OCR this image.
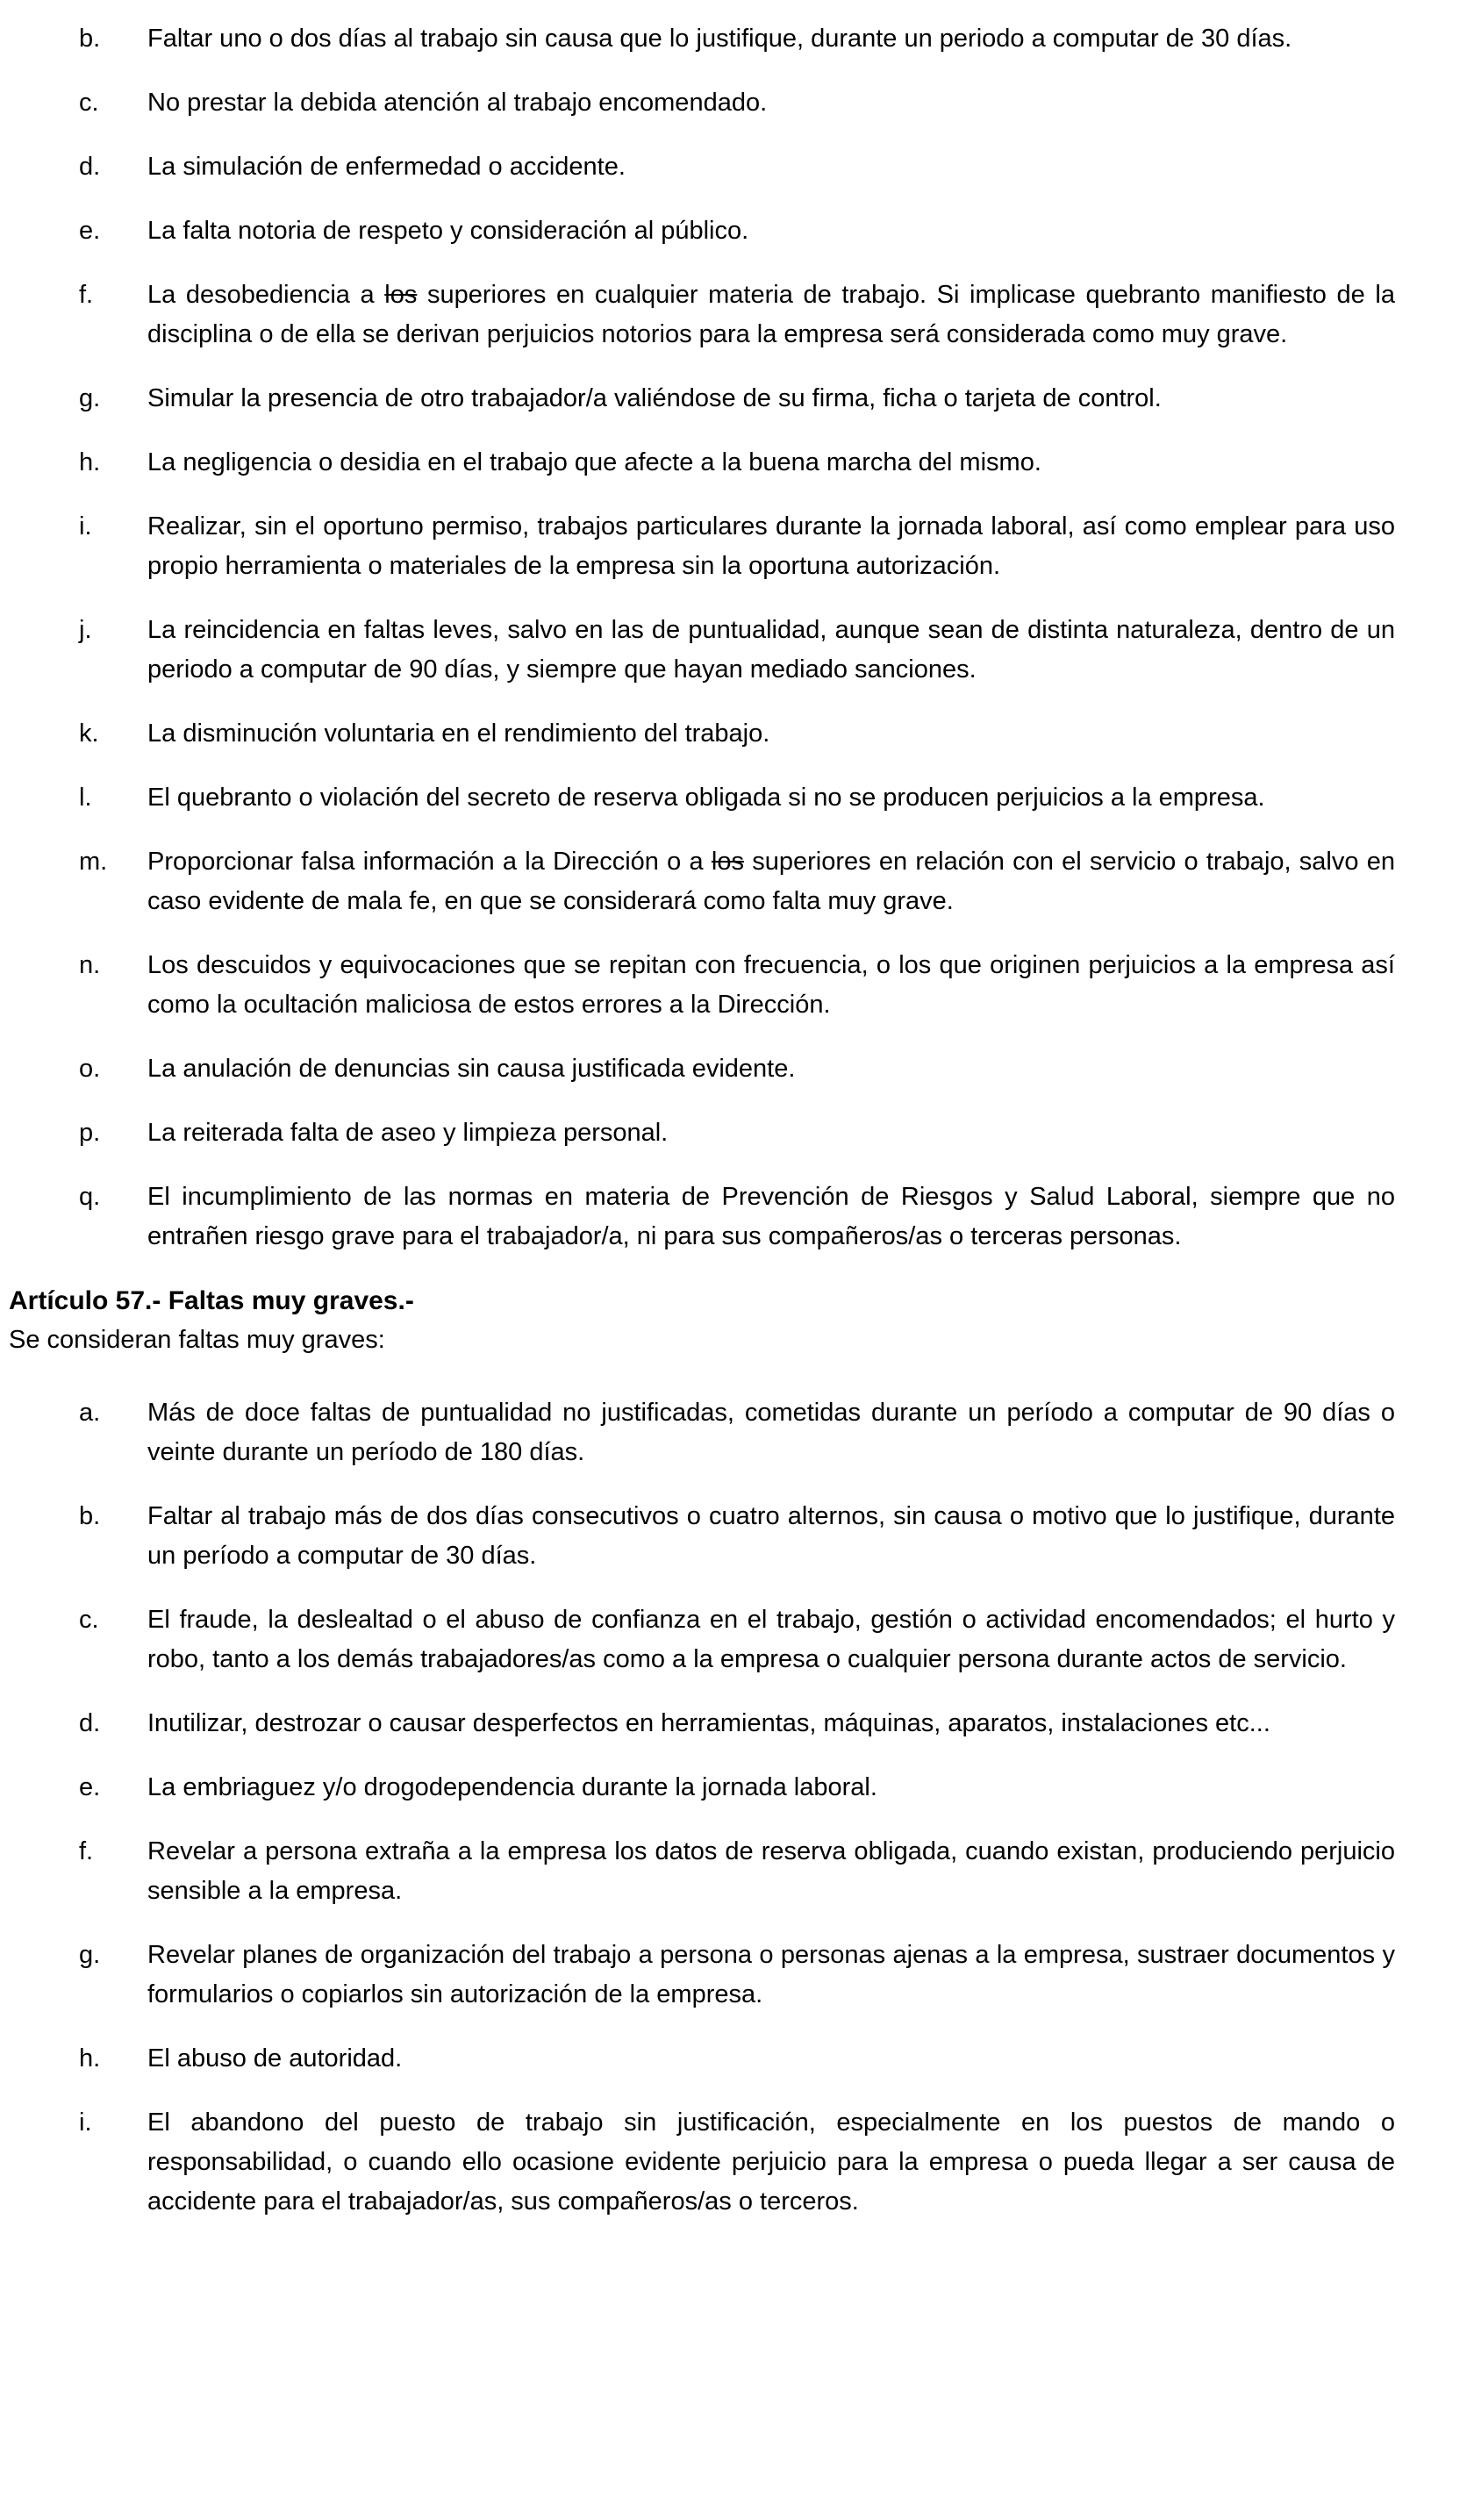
b.	Faltar uno o dos días al trabajo sin causa que lo justifique, durante un periodo a computar de 30 días.
c.	No prestar la debida atención al trabajo encomendado.
d.	La simulación de enfermedad o accidente.
e.	La falta notoria de respeto y consideración al público.
f.	La desobediencia a los superiores en cualquier materia de trabajo. Si implicase quebranto manifiesto de la disciplina o de ella se derivan perjuicios notorios para la empresa será considerada como muy grave.
g.	Simular la presencia de otro trabajador/a valiéndose de su firma, ficha o tarjeta de control.
h.	La negligencia o desidia en el trabajo que afecte a la buena marcha del mismo.
i.	Realizar, sin el oportuno permiso, trabajos particulares durante la jornada laboral, así como emplear para uso propio herramienta o materiales de la empresa sin la oportuna autorización.
j.	La reincidencia en faltas leves, salvo en las de puntualidad, aunque sean de distinta naturaleza, dentro de un periodo a computar de 90 días, y siempre que hayan mediado sanciones.
k.	La disminución voluntaria en el rendimiento del trabajo.
l.	El quebranto o violación del secreto de reserva obligada si no se producen perjuicios a la empresa.
m.	Proporcionar falsa información a la Dirección o a los superiores en relación con el servicio o trabajo, salvo en caso evidente de mala fe, en que se considerará como falta muy grave.
n.	Los descuidos y equivocaciones que se repitan con frecuencia, o los que originen perjuicios a la empresa así como la ocultación maliciosa de estos errores a la Dirección.
o.	La anulación de denuncias sin causa justificada evidente.
p.	La reiterada falta de aseo y limpieza personal.
q.	El incumplimiento de las normas en materia de Prevención de Riesgos y Salud Laboral, siempre que no entrañen riesgo grave para el trabajador/a, ni para sus compañeros/as o terceras personas.
Artículo 57.- Faltas muy graves.-

Se consideran faltas muy graves:

a.	Más de doce faltas de puntualidad no justificadas, cometidas durante un período a computar de 90 días o veinte durante un período de 180 días.
b.	Faltar al trabajo más de dos días consecutivos o cuatro alternos, sin causa o motivo que lo justifique, durante un período a computar de 30 días.
c.	El fraude, la deslealtad o el abuso de confianza en el trabajo, gestión o actividad encomendados; el hurto y robo, tanto a los demás trabajadores/as como a la empresa o cualquier persona durante actos de servicio.
d.	Inutilizar, destrozar o causar desperfectos en herramientas, máquinas, aparatos, instalaciones etc...
e.	La embriaguez y/o drogodependencia durante la jornada laboral.
f.	Revelar a persona extraña a la empresa los datos de reserva obligada, cuando existan, produciendo perjuicio sensible a la empresa.
g.	Revelar planes de organización del trabajo a persona o personas ajenas a la empresa, sustraer documentos y formularios o copiarlos sin autorización de la empresa.
h.	El abuso de autoridad.
i.	El abandono del puesto de trabajo sin justificación, especialmente en los puestos de mando o responsabilidad, o cuando ello ocasione evidente perjuicio para la empresa o pueda llegar a ser causa de accidente para el trabajador/as, sus compañeros/as o terceros.
